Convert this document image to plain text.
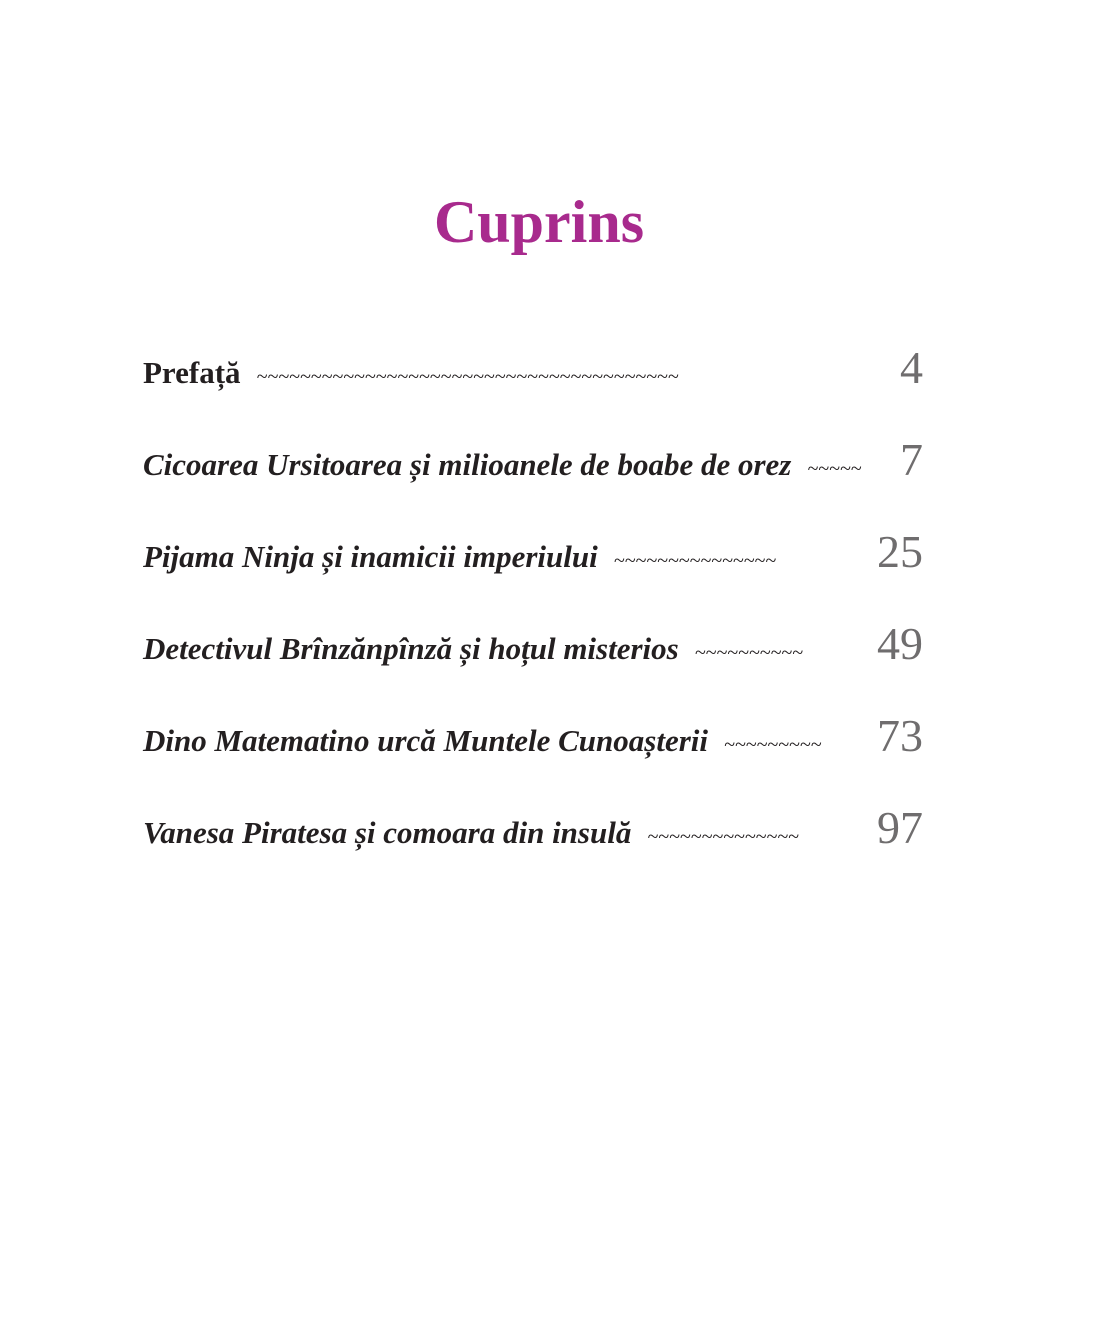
Cuprins
Prefață ~~~~~~~~~~~~~~~~~~~~~~~~~~~~~~~~~~~~~~~	4
Cicoarea Ursitoarea și milioanele de boabe de orez ~~~~~ 7
Pijama Ninja și inamicii imperiului ~~~~~~~~~~~~~~~ 25
Detectivul Brînzănpînză și hoțul misterios ~~~~~~~~~~ 49
Dino Matematino urcă Muntele Cunoașterii ~~~~~~~~~ 73
Vanesa Piratesa și comoara din insulă ~~~~~~~~~~~~~~ 97
